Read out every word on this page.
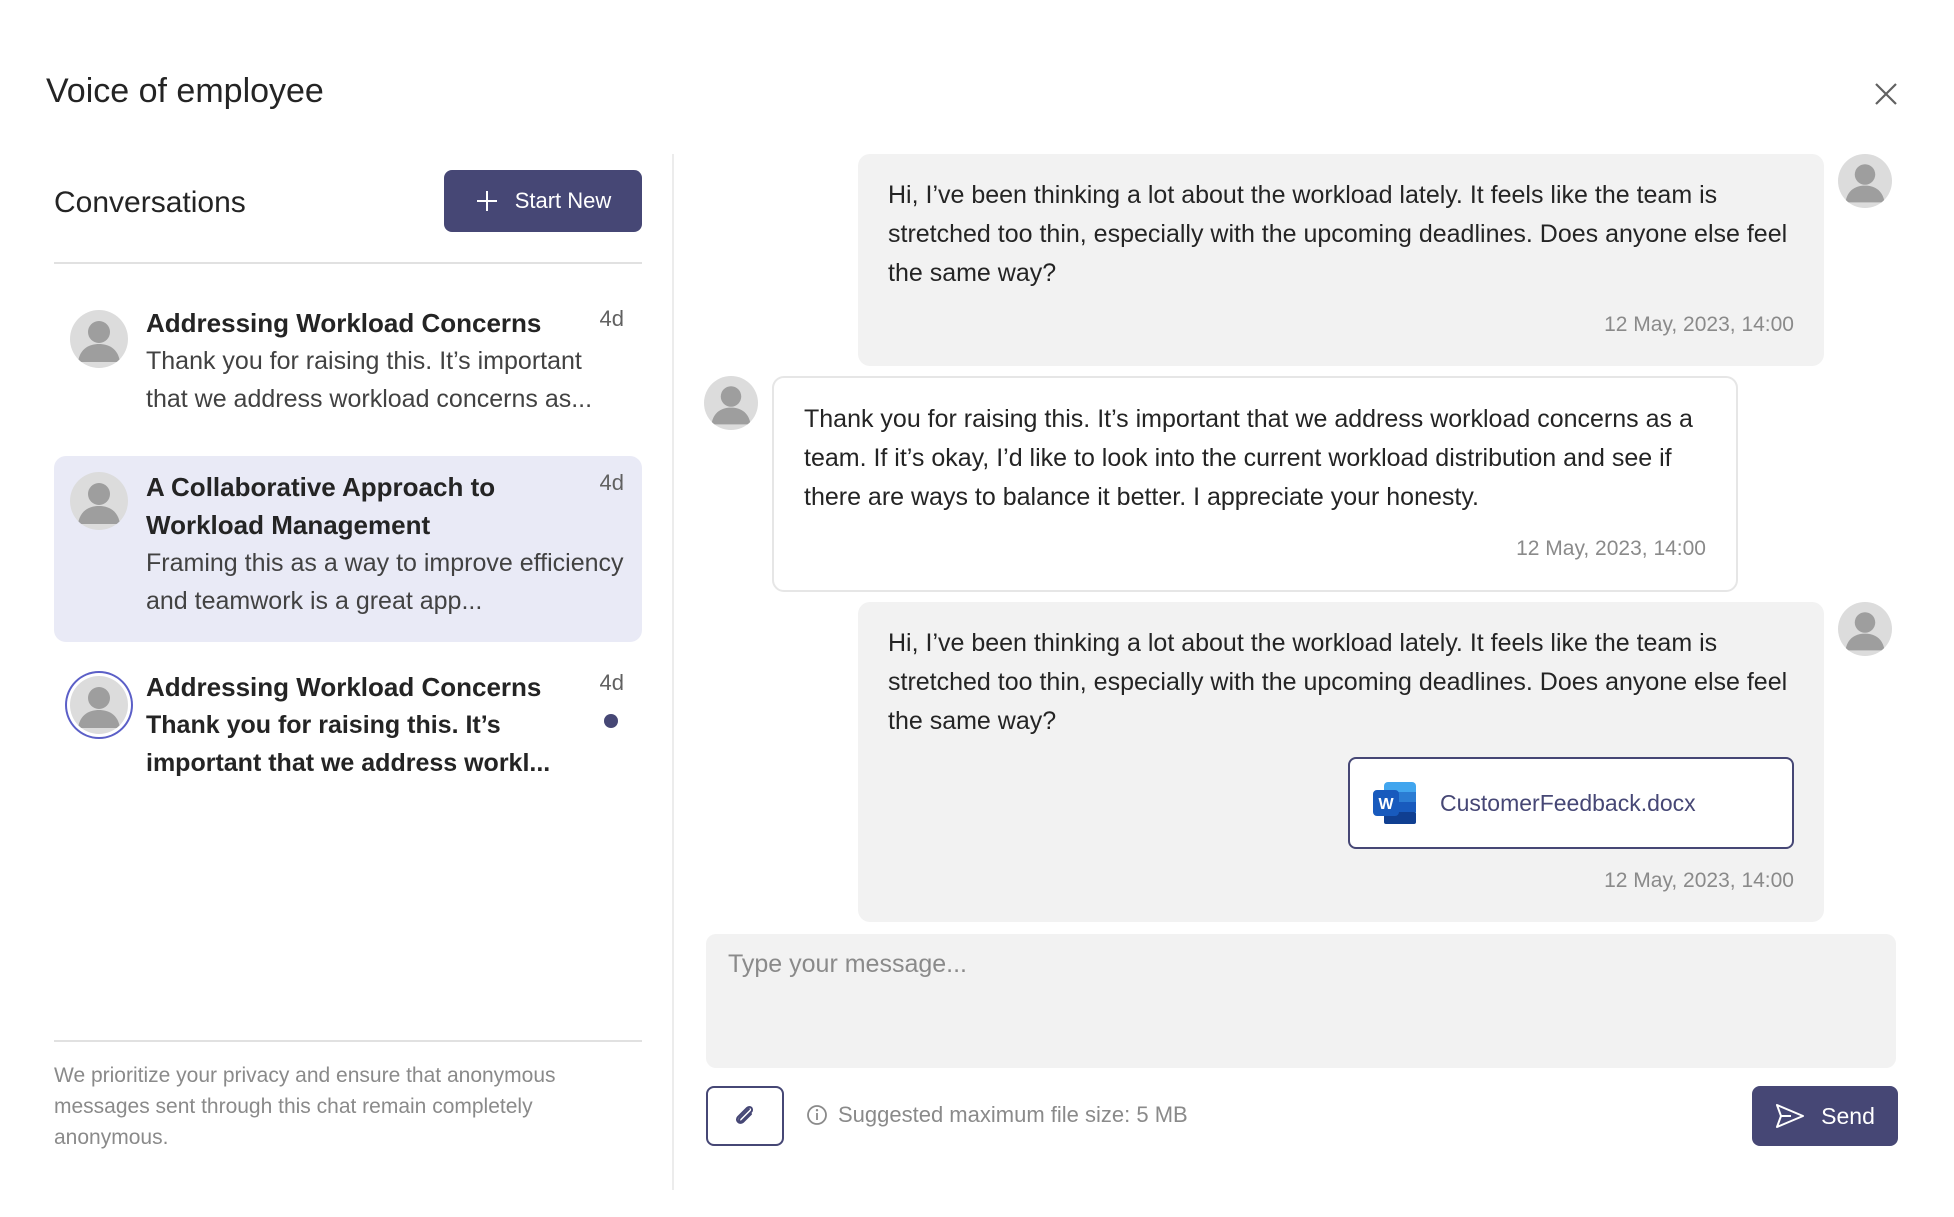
Voice of employee
Conversations	Start New
Addressing Workload Concerns	4d
Thank you for raising this. It’s important that we address workload concerns as...
A Collaborative Approach to Workload Management
4d
Framing this as a way to improve efficiency and teamwork is a great app...
Addressing Workload Concerns	4d
Thank you for raising this. It’s important that we address workl...
We prioritize your privacy and ensure that anonymous messages sent through this chat remain completely anonymous.
Hi, I’ve been thinking a lot about the workload lately. It feels like the team is stretched too thin, especially with the upcoming deadlines. Does anyone else feel the same way?
12 May, 2023, 14:00
Thank you for raising this. It’s important that we address workload concerns as a team. If it’s okay, I’d like to look into the current workload distribution and see if there are ways to balance it better. I appreciate your honesty.
12 May, 2023, 14:00
Hi, I’ve been thinking a lot about the workload lately. It feels like the team is stretched too thin, especially with the upcoming deadlines. Does anyone else feel the same way?
W CustomerFeedback.docx
12 May, 2023, 14:00
Type your message...
Suggested maximum file size: 5 MB	Send
